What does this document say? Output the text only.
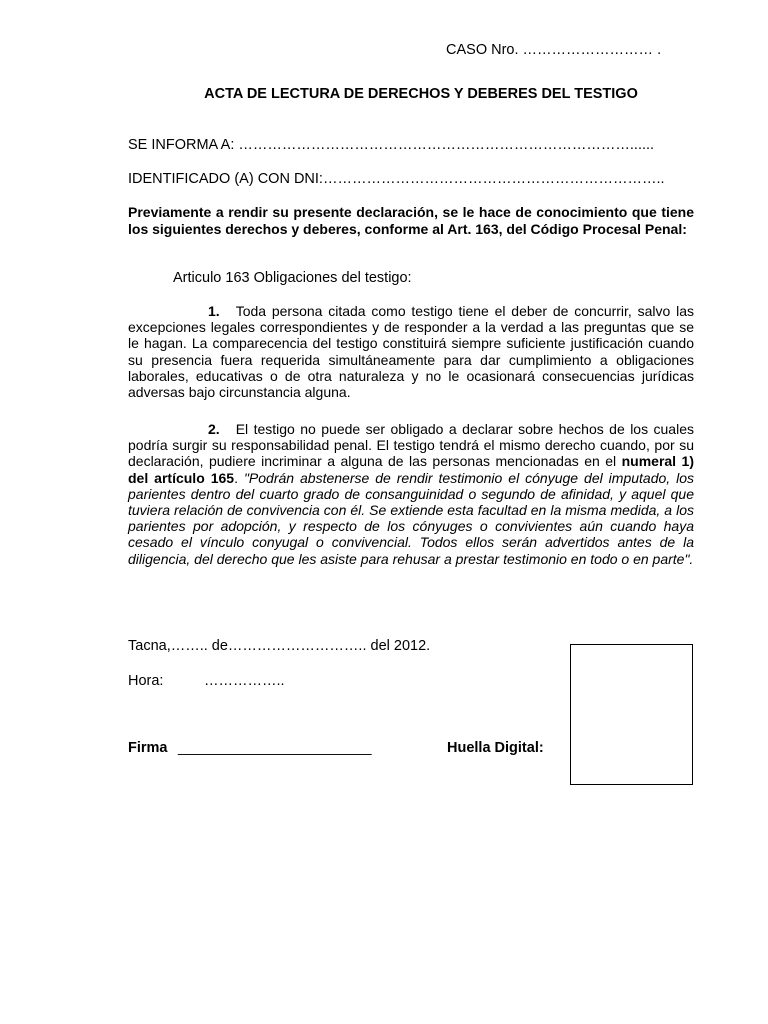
CASO Nro. ……………………… .
ACTA DE LECTURA DE DERECHOS Y DEBERES DEL TESTIGO
SE INFORMA A: ………………………………………………………………………......
IDENTIFICADO (A) CON DNI:……………………………………………………………..
Previamente a rendir su presente declaración, se le hace de conocimiento que tiene los siguientes derechos y deberes, conforme al Art. 163, del Código Procesal Penal:
Articulo 163 Obligaciones del testigo:
1. Toda persona citada como testigo tiene el deber de concurrir, salvo las excepciones legales correspondientes y de responder a la verdad a las preguntas que se le hagan. La comparecencia del testigo constituirá siempre suficiente justificación cuando su presencia fuera requerida simultáneamente para dar cumplimiento a obligaciones laborales, educativas o de otra naturaleza y no le ocasionará consecuencias jurídicas adversas bajo circunstancia alguna.
2. El testigo no puede ser obligado a declarar sobre hechos de los cuales podría surgir su responsabilidad penal. El testigo tendrá el mismo derecho cuando, por su declaración, pudiere incriminar a alguna de las personas mencionadas en el numeral 1) del artículo 165. "Podrán abstenerse de rendir testimonio el cónyuge del imputado, los parientes dentro del cuarto grado de consanguinidad o segundo de afinidad, y aquel que tuviera relación de convivencia con él. Se extiende esta facultad en la misma medida, a los parientes por adopción, y respecto de los cónyuges o convivientes aún cuando haya cesado el vínculo conyugal o convivencial. Todos ellos serán advertidos antes de la diligencia, del derecho que les asiste para rehusar a prestar testimonio en todo o en parte".
Tacna,…….. de……………………….. del 2012.
Hora:	……………..
Firma ________________________	Huella Digital:
